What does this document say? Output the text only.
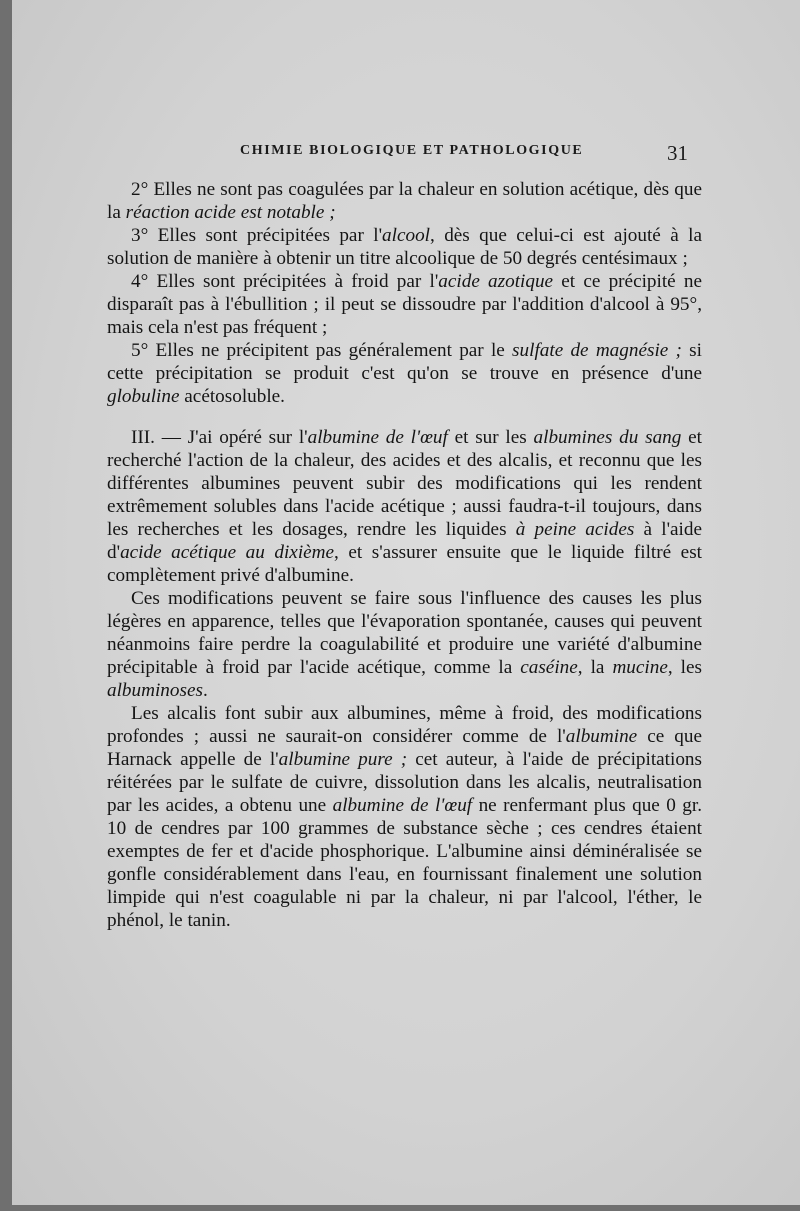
CHIMIE BIOLOGIQUE ET PATHOLOGIQUE	31

2° Elles ne sont pas coagulées par la chaleur en solution acétique, dès que la réaction acide est notable ;

3° Elles sont précipitées par l'alcool, dès que celui-ci est ajouté à la solution de manière à obtenir un titre alcoolique de 50 degrés centésimaux ;

4° Elles sont précipitées à froid par l'acide azotique et ce précipité ne disparaît pas à l'ébullition ; il peut se dissoudre par l'addition d'alcool à 95°, mais cela n'est pas fréquent ;

5° Elles ne précipitent pas généralement par le sulfate de magnésie ; si cette précipitation se produit c'est qu'on se trouve en présence d'une globuline acétosoluble.

III. — J'ai opéré sur l'albumine de l'œuf et sur les albumines du sang et recherché l'action de la chaleur, des acides et des alcalis, et reconnu que les différentes albumines peuvent subir des modifications qui les rendent extrêmement solubles dans l'acide acétique ; aussi faudra-t-il toujours, dans les recherches et les dosages, rendre les liquides à peine acides à l'aide d'acide acétique au dixième, et s'assurer ensuite que le liquide filtré est complètement privé d'albumine.

Ces modifications peuvent se faire sous l'influence des causes les plus légères en apparence, telles que l'évaporation spontanée, causes qui peuvent néanmoins faire perdre la coagulabilité et produire une variété d'albumine précipitable à froid par l'acide acétique, comme la caséine, la mucine, les albuminoses.

Les alcalis font subir aux albumines, même à froid, des modifications profondes ; aussi ne saurait-on considérer comme de l'albumine ce que Harnack appelle de l'albumine pure ; cet auteur, à l'aide de précipitations réitérées par le sulfate de cuivre, dissolution dans les alcalis, neutralisation par les acides, a obtenu une albumine de l'œuf ne renfermant plus que 0 gr. 10 de cendres par 100 grammes de substance sèche ; ces cendres étaient exemptes de fer et d'acide phosphorique. L'albumine ainsi déminéralisée se gonfle considérablement dans l'eau, en fournissant finalement une solution limpide qui n'est coagulable ni par la chaleur, ni par l'alcool, l'éther, le phénol, le tanin.
